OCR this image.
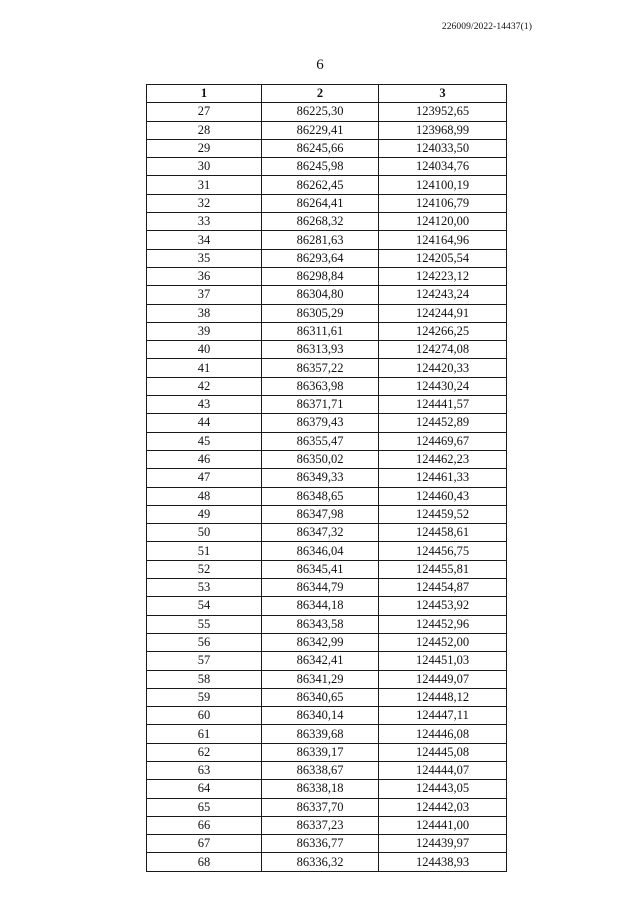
226009/2022-14437(1)
6
1	2	3
27	86225,30	123952,65
28	86229,41	123968,99
29	86245,66	124033,50
30	86245,98	124034,76
31	86262,45	124100,19
32	86264,41	124106,79
33	86268,32	124120,00
34	86281,63	124164,96
35	86293,64	124205,54
36	86298,84	124223,12
37	86304,80	124243,24
38	86305,29	124244,91
39	86311,61	124266,25
40	86313,93	124274,08
41	86357,22	124420,33
42	86363,98	124430,24
43	86371,71	124441,57
44	86379,43	124452,89
45	86355,47	124469,67
46	86350,02	124462,23
47	86349,33	124461,33
48	86348,65	124460,43
49	86347,98	124459,52
50	86347,32	124458,61
51	86346,04	124456,75
52	86345,41	124455,81
53	86344,79	124454,87
54	86344,18	124453,92
55	86343,58	124452,96
56	86342,99	124452,00
57	86342,41	124451,03
58	86341,29	124449,07
59	86340,65	124448,12
60	86340,14	124447,11
61	86339,68	124446,08
62	86339,17	124445,08
63	86338,67	124444,07
64	86338,18	124443,05
65	86337,70	124442,03
66	86337,23	124441,00
67	86336,77	124439,97
68	86336,32	124438,93
